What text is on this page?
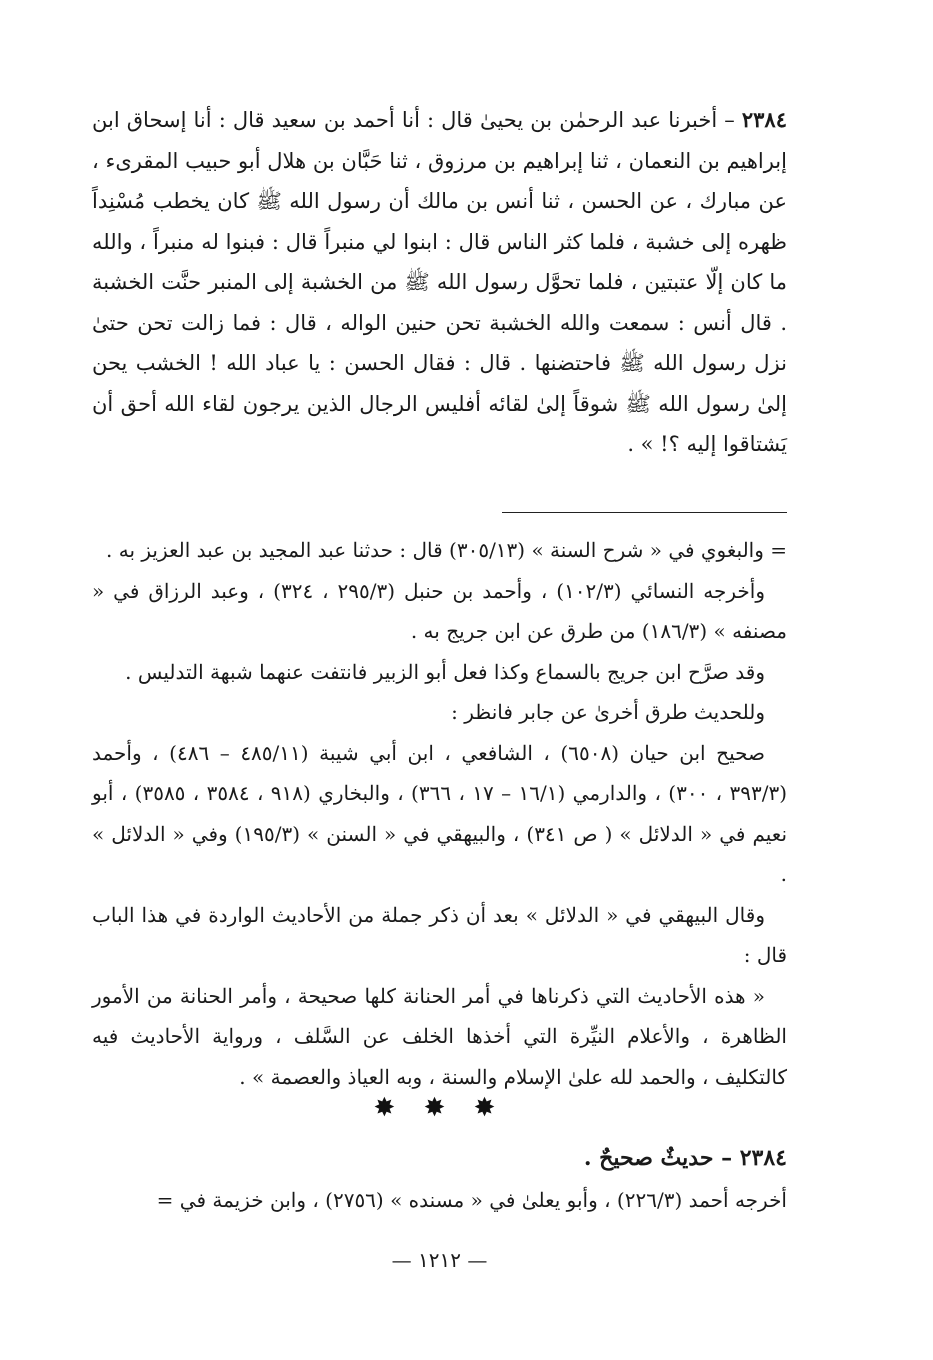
٢٣٨٤ – أخبرنا عبد الرحمٰن بن يحيىٰ قال : أنا أحمد بن سعيد قال : أنا إسحاق ابن إبراهيم بن النعمان ، ثنا إبراهيم بن مرزوق ، ثنا حَبَّان بن هلال أبو حبيب المقرىء ، عن مبارك ، عن الحسن ، ثنا أنس بن مالك أن رسول الله ﷺ كان يخطب مُسْنِداً ظهره إلى خشبة ، فلما كثر الناس قال : ابنوا لي منبراً قال : فبنوا له منبراً ، والله ما كان إلّا عتبتين ، فلما تحوَّل رسول الله ﷺ من الخشبة إلى المنبر حنَّت الخشبة . قال أنس : سمعت والله الخشبة تحن حنين الواله ، قال : فما زالت تحن حتىٰ نزل رسول الله ﷺ فاحتضنها . قال : فقال الحسن : يا عباد الله ! الخشب يحن إلىٰ رسول الله ﷺ شوقاً إلىٰ لقائه أفليس الرجال الذين يرجون لقاء الله أحق أن يَشتاقوا إليه ؟! » .

= والبغوي في « شرح السنة » (٣٠٥/١٣) قال : حدثنا عبد المجيد بن عبد العزيز به .

وأخرجه النسائي (١٠٢/٣) ، وأحمد بن حنبل (٢٩٥/٣ ، ٣٢٤) ، وعبد الرزاق في « مصنفه » (١٨٦/٣) من طرق عن ابن جريج به .

وقد صرَّح ابن جريج بالسماع وكذا فعل أبو الزبير فانتفت عنهما شبهة التدليس .

وللحديث طرق أخرىٰ عن جابر فانظر :

صحيح ابن حيان (٦٥٠٨) ، الشافعي ، ابن أبي شيبة (٤٨٥/١١ – ٤٨٦) ، وأحمد (٣٩٣/٣ ، ٣٠٠) ، والدارمي (١٦/١ – ١٧ ، ٣٦٦) ، والبخاري (٩١٨ ، ٣٥٨٤ ، ٣٥٨٥) ، أبو نعيم في « الدلائل » ( ص ٣٤١) ، والبيهقي في « السنن » (١٩٥/٣) وفي « الدلائل » .

وقال البيهقي في « الدلائل » بعد أن ذكر جملة من الأحاديث الواردة في هذا الباب قال :

« هذه الأحاديث التي ذكرناها في أمر الحنانة كلها صحيحة ، وأمر الحنانة من الأمور الظاهرة ، والأعلام النيِّرة التي أخذها الخلف عن السَّلف ، ورواية الأحاديث فيه كالتكليف ، والحمد لله علىٰ الإسلام والسنة ، وبه العياذ والعصمة » .

✸ ✸ ✸
٢٣٨٤ – حديثٌ صحيحٌ .
أخرجه أحمد (٢٢٦/٣) ، وأبو يعلىٰ في « مسنده » (٢٧٥٦) ، وابن خزيمة في =
— ١٢١٢ —
